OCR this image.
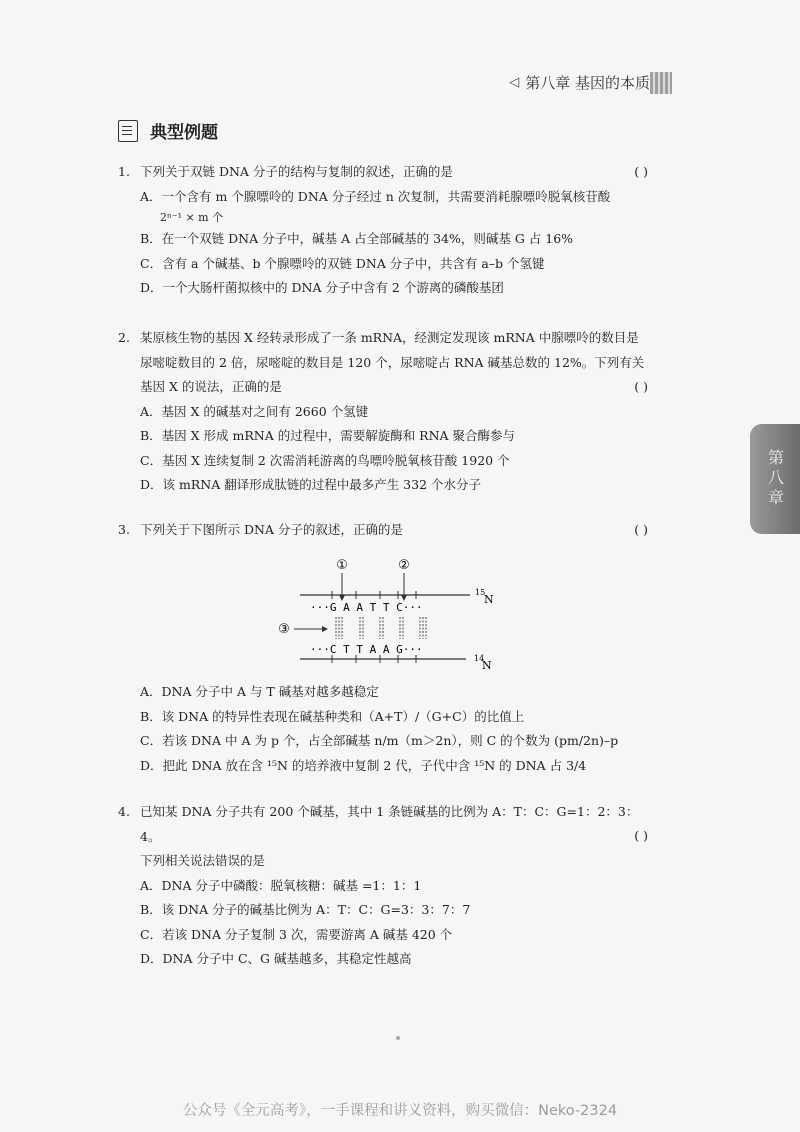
◁ 第八章 基因的本质
典型例题
1. 下列关于双链 DNA 分子的结构与复制的叙述，正确的是	( )
A．一个含有 m 个腺嘌呤的 DNA 分子经过 n 次复制，共需要消耗腺嘌呤脱氧核苷酸
2ⁿ⁻¹ × m 个
B．在一个双链 DNA 分子中，碱基 A 占全部碱基的 34%，则碱基 G 占 16%
C．含有 a 个碱基、b 个腺嘌呤的双链 DNA 分子中，共含有 a–b 个氢键
D．一个大肠杆菌拟核中的 DNA 分子中含有 2 个游离的磷酸基团
2. 某原核生物的基因 X 经转录形成了一条 mRNA，经测定发现该 mRNA 中腺嘌呤的数目是
尿嘧啶数目的 2 倍，尿嘧啶的数目是 120 个，尿嘧啶占 RNA 碱基总数的 12%。下列有关
基因 X 的说法，正确的是	( )
A．基因 X 的碱基对之间有 2660 个氢键
B．基因 X 形成 mRNA 的过程中，需要解旋酶和 RNA 聚合酶参与
C．基因 X 连续复制 2 次需消耗游离的鸟嘌呤脱氧核苷酸 1920 个
D．该 mRNA 翻译形成肽链的过程中最多产生 332 个水分子
3. 下列关于下图所示 DNA 分子的叙述，正确的是	( )
①	②
15
N
···G A A T T C···
③
···C T T A A G···
14
N
A．DNA 分子中 A 与 T 碱基对越多越稳定
B．该 DNA 的特异性表现在碱基种类和（A+T）/（G+C）的比值上
C．若该 DNA 中 A 为 p 个，占全部碱基 n/m（m＞2n），则 C 的个数为 (pm/2n)–p
D．把此 DNA 放在含 ¹⁵N 的培养液中复制 2 代，子代中含 ¹⁵N 的 DNA 占 3/4
4. 已知某 DNA 分子共有 200 个碱基，其中 1 条链碱基的比例为 A：T：C：G=1：2：3：4。
下列相关说法错误的是
( )
A．DNA 分子中磷酸：脱氧核糖：碱基 =1：1：1
B．该 DNA 分子的碱基比例为 A：T：C：G=3：3：7：7
C．若该 DNA 分子复制 3 次，需要游离 A 碱基 420 个
D．DNA 分子中 C、G 碱基越多，其稳定性越高
第八章
公众号《全元高考》，一手课程和讲义资料，购买微信：Neko-2324
